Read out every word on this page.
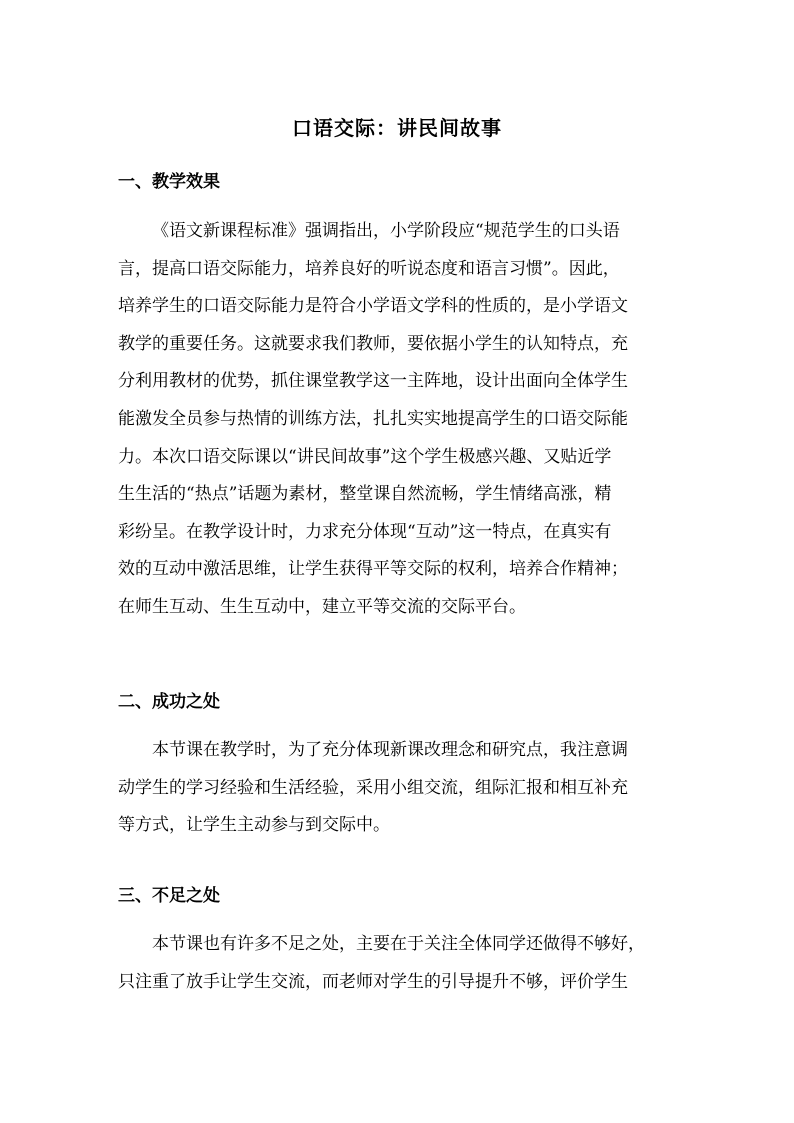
口语交际：讲民间故事
一、教学效果
《语文新课程标准》强调指出，小学阶段应“规范学生的口头语
言，提高口语交际能力，培养良好的听说态度和语言习惯”。因此，
培养学生的口语交际能力是符合小学语文学科的性质的，是小学语文
教学的重要任务。这就要求我们教师，要依据小学生的认知特点，充
分利用教材的优势，抓住课堂教学这一主阵地，设计出面向全体学生
能激发全员参与热情的训练方法，扎扎实实地提高学生的口语交际能
力。本次口语交际课以“讲民间故事”这个学生极感兴趣、又贴近学
生生活的“热点”话题为素材，整堂课自然流畅，学生情绪高涨，精
彩纷呈。在教学设计时，力求充分体现“互动”这一特点，在真实有
效的互动中激活思维，让学生获得平等交际的权利，培养合作精神；
在师生互动、生生互动中，建立平等交流的交际平台。
二、成功之处
本节课在教学时，为了充分体现新课改理念和研究点，我注意调
动学生的学习经验和生活经验，采用小组交流，组际汇报和相互补充
等方式，让学生主动参与到交际中。
三、不足之处
本节课也有许多不足之处，主要在于关注全体同学还做得不够好，
只注重了放手让学生交流，而老师对学生的引导提升不够，评价学生
